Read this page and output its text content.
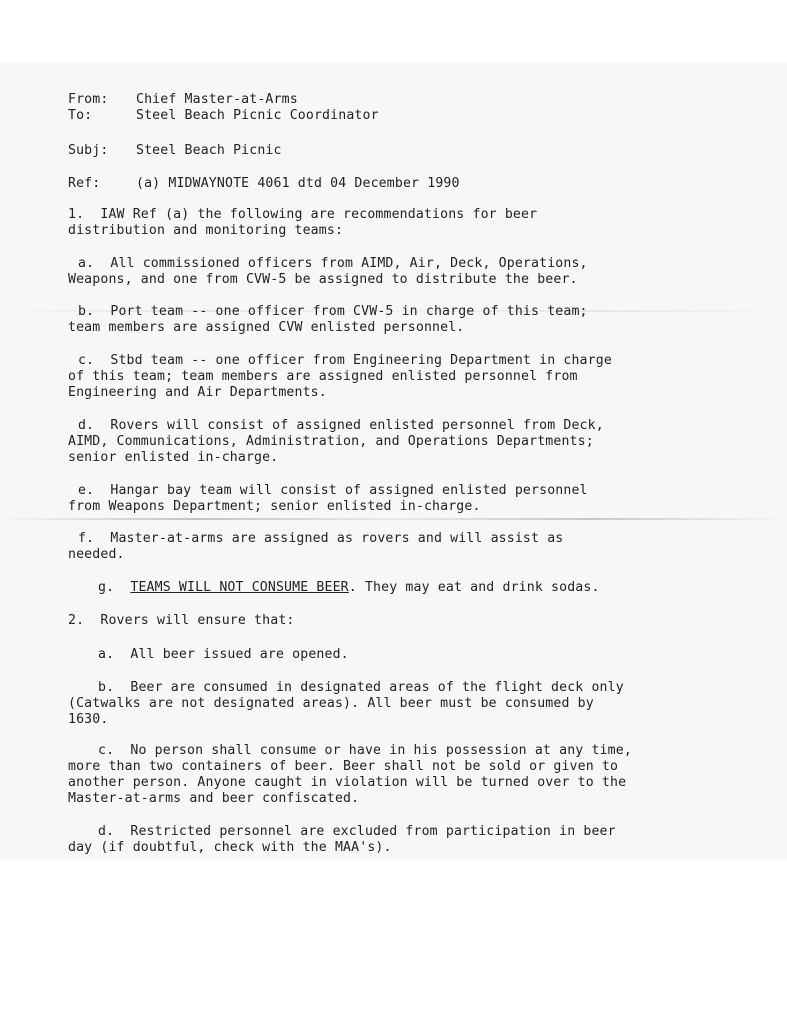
From: Chief Master-at-Arms
To:	Steel Beach Picnic Coordinator
Subj: Steel Beach Picnic
Ref:	(a) MIDWAYNOTE 4061 dtd 04 December 1990
1.  IAW Ref (a) the following are recommendations for beer
distribution and monitoring teams:
a.  All commissioned officers from AIMD, Air, Deck, Operations,
Weapons, and one from CVW-5 be assigned to distribute the beer.
b.  Port team -- one officer from CVW-5 in charge of this team;
team members are assigned CVW enlisted personnel.
c.  Stbd team -- one officer from Engineering Department in charge
of this team; team members are assigned enlisted personnel from
Engineering and Air Departments.
d.  Rovers will consist of assigned enlisted personnel from Deck,
AIMD, Communications, Administration, and Operations Departments;
senior enlisted in-charge.
e.  Hangar bay team will consist of assigned enlisted personnel
from Weapons Department; senior enlisted in-charge.
f.  Master-at-arms are assigned as rovers and will assist as
needed.
g.  TEAMS WILL NOT CONSUME BEER. They may eat and drink sodas.
2.  Rovers will ensure that:
a.  All beer issued are opened.
b.  Beer are consumed in designated areas of the flight deck only
(Catwalks are not designated areas). All beer must be consumed by
1630.
c.  No person shall consume or have in his possession at any time,
more than two containers of beer. Beer shall not be sold or given to
another person. Anyone caught in violation will be turned over to the
Master-at-arms and beer confiscated.
d.  Restricted personnel are excluded from participation in beer
day (if doubtful, check with the MAA's).
